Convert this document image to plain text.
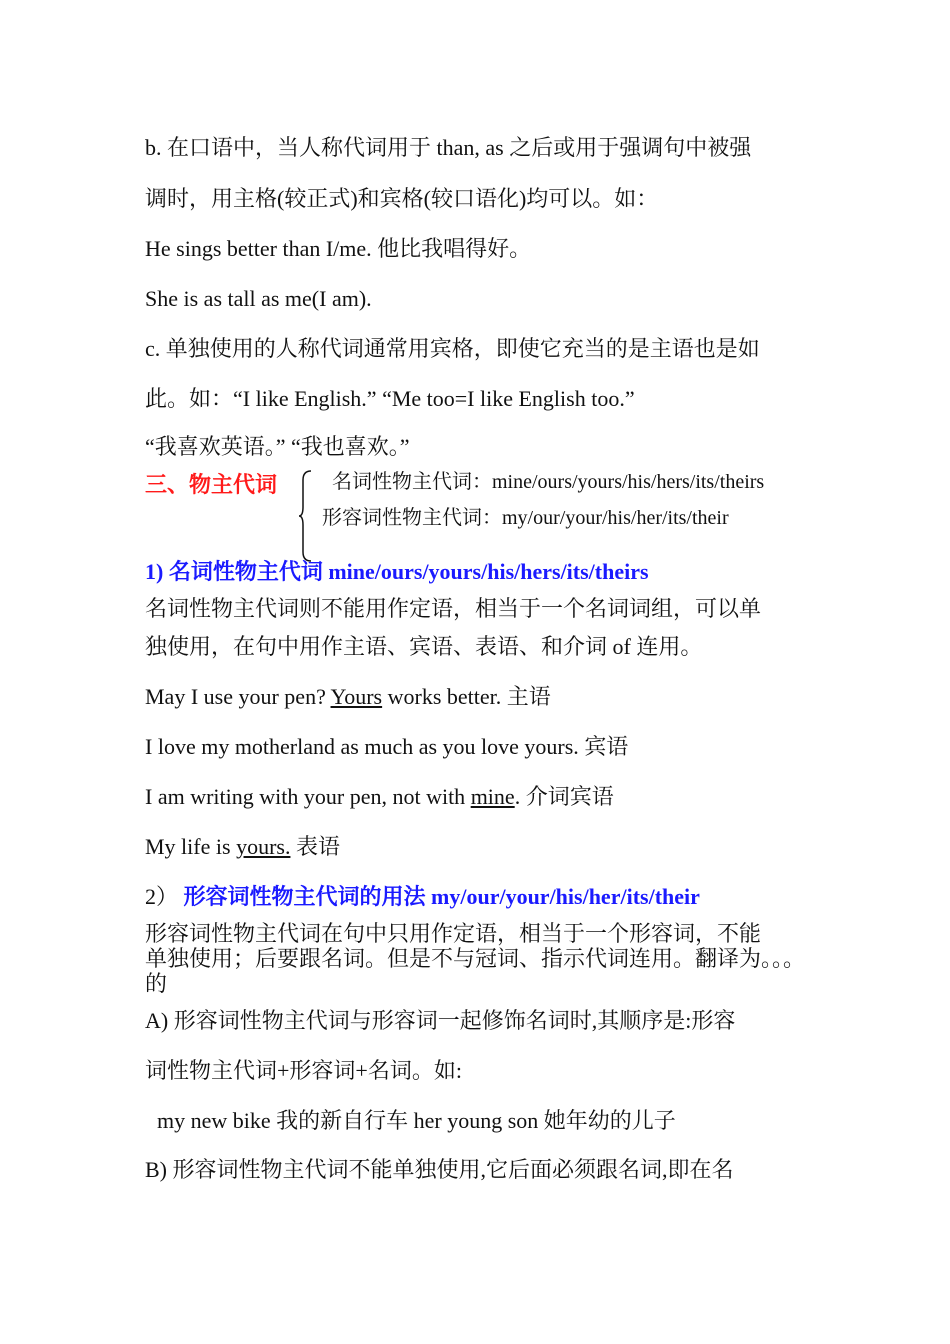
b. 在口语中，当人称代词用于 than, as 之后或用于强调句中被强
调时，用主格(较正式)和宾格(较口语化)均可以。如：
He sings better than I/me. 他比我唱得好。
She is as tall as me(I am).
c. 单独使用的人称代词通常用宾格，即使它充当的是主语也是如
此。如：“I like English.” “Me too=I like English too.”
“我喜欢英语。” “我也喜欢。”
三、物主代词	名词性物主代词：mine/ours/yours/his/hers/its/theirs
形容词性物主代词：my/our/your/his/her/its/their
1) 名词性物主代词 mine/ours/yours/his/hers/its/theirs
名词性物主代词则不能用作定语，相当于一个名词词组，可以单
独使用，在句中用作主语、宾语、表语、和介词 of 连用。
May I use your pen? Yours works better. 主语
I love my motherland as much as you love yours. 宾语
I am writing with your pen, not with mine. 介词宾语
My life is yours. 表语
2） 形容词性物主代词的用法 my/our/your/his/her/its/their
形容词性物主代词在句中只用作定语，相当于一个形容词，不能
单独使用；后要跟名词。但是不与冠词、指示代词连用。翻译为。。。
的
A) 形容词性物主代词与形容词一起修饰名词时,其顺序是:形容
词性物主代词+形容词+名词。如:
my new bike 我的新自行车 her young son 她年幼的儿子
B) 形容词性物主代词不能单独使用,它后面必须跟名词,即在名
